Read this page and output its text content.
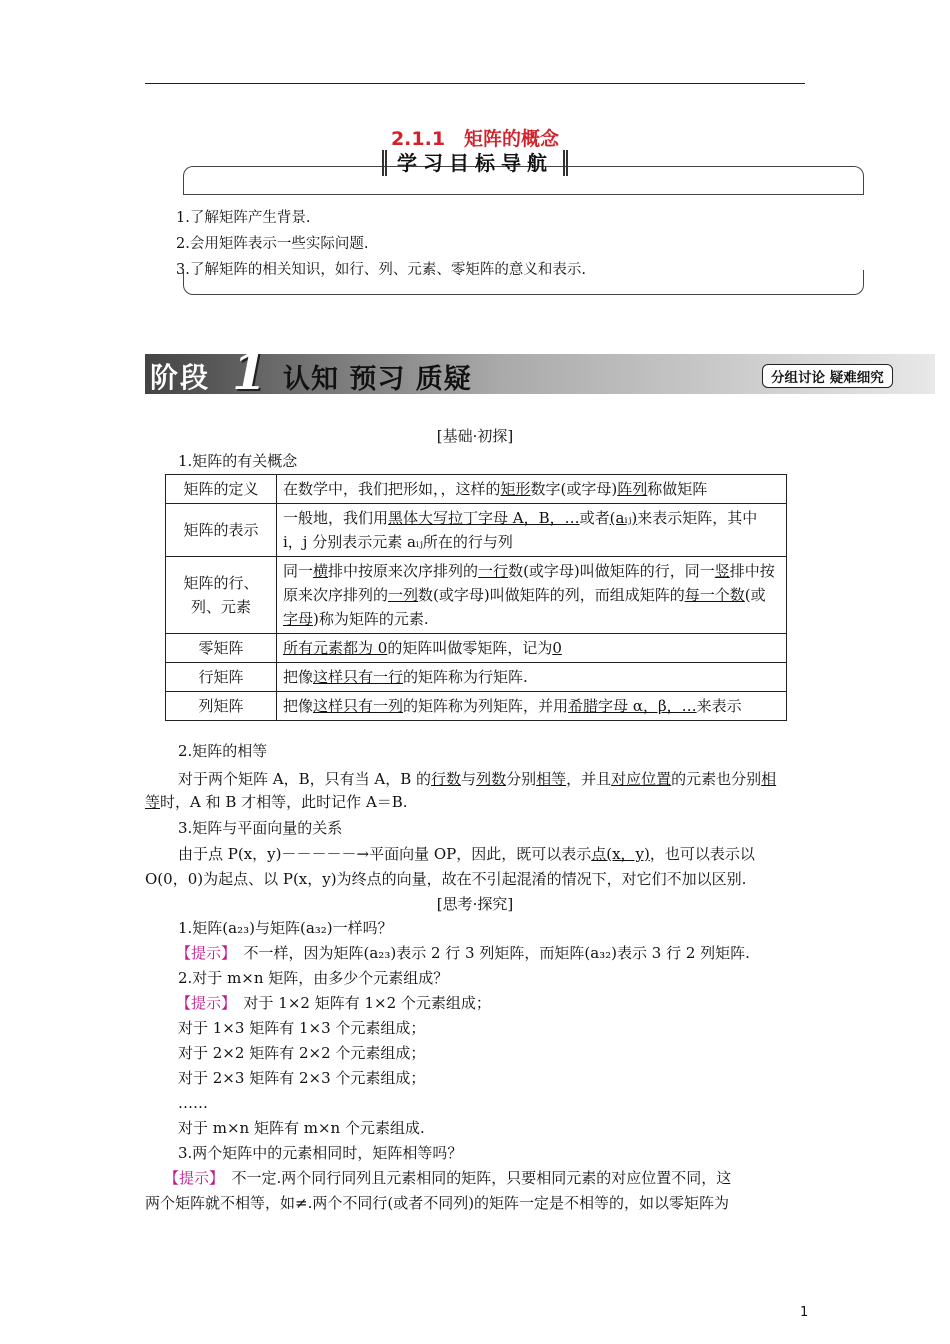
2.1.1　矩阵的概念
学习目标导航
1.了解矩阵产生背景.
2.会用矩阵表示一些实际问题.
3.了解矩阵的相关知识，如行、列、元素、零矩阵的意义和表示.
阶段 1 认知 预习 质疑	分组讨论 疑难细究
[基础·初探]
1.矩阵的有关概念
矩阵的定义	在数学中，我们把形如，，这样的矩形数字(或字母)阵列称做矩阵
矩阵的表示	一般地，我们用黑体大写拉丁字母 A，B，…或者(aᵢⱼ)来表示矩阵，其中 i，j 分别表示元素 aᵢⱼ所在的行与列
矩阵的行、列、元素	同一横排中按原来次序排列的一行数(或字母)叫做矩阵的行，同一竖排中按原来次序排列的一列数(或字母)叫做矩阵的列，而组成矩阵的每一个数(或字母)称为矩阵的元素.
零矩阵	所有元素都为 0的矩阵叫做零矩阵，记为0
行矩阵	把像这样只有一行的矩阵称为行矩阵.
列矩阵	把像这样只有一列的矩阵称为列矩阵，并用希腊字母 α，β，…来表示
2.矩阵的相等
对于两个矩阵 A，B，只有当 A，B 的行数与列数分别相等，并且对应位置的元素也分别相
等时，A 和 B 才相等，此时记作 A＝B.
3.矩阵与平面向量的关系
由于点 P(x，y)－－－－－→平面向量 OP，因此，既可以表示点(x，y)，也可以表示以
O(0，0)为起点、以 P(x，y)为终点的向量，故在不引起混淆的情况下，对它们不加以区别.
[思考·探究]
1.矩阵(a₂₃)与矩阵(a₃₂)一样吗？
【提示】　不一样，因为矩阵(a₂₃)表示 2 行 3 列矩阵，而矩阵(a₃₂)表示 3 行 2 列矩阵.
2.对于 m×n 矩阵，由多少个元素组成？
【提示】　对于 1×2 矩阵有 1×2 个元素组成；
对于 1×3 矩阵有 1×3 个元素组成；
对于 2×2 矩阵有 2×2 个元素组成；
对于 2×3 矩阵有 2×3 个元素组成；
……
对于 m×n 矩阵有 m×n 个元素组成.
3.两个矩阵中的元素相同时，矩阵相等吗？
【提示】　不一定.两个同行同列且元素相同的矩阵，只要相同元素的对应位置不同，这
两个矩阵就不相等，如≠.两个不同行(或者不同列)的矩阵一定是不相等的，如以零矩阵为
1
